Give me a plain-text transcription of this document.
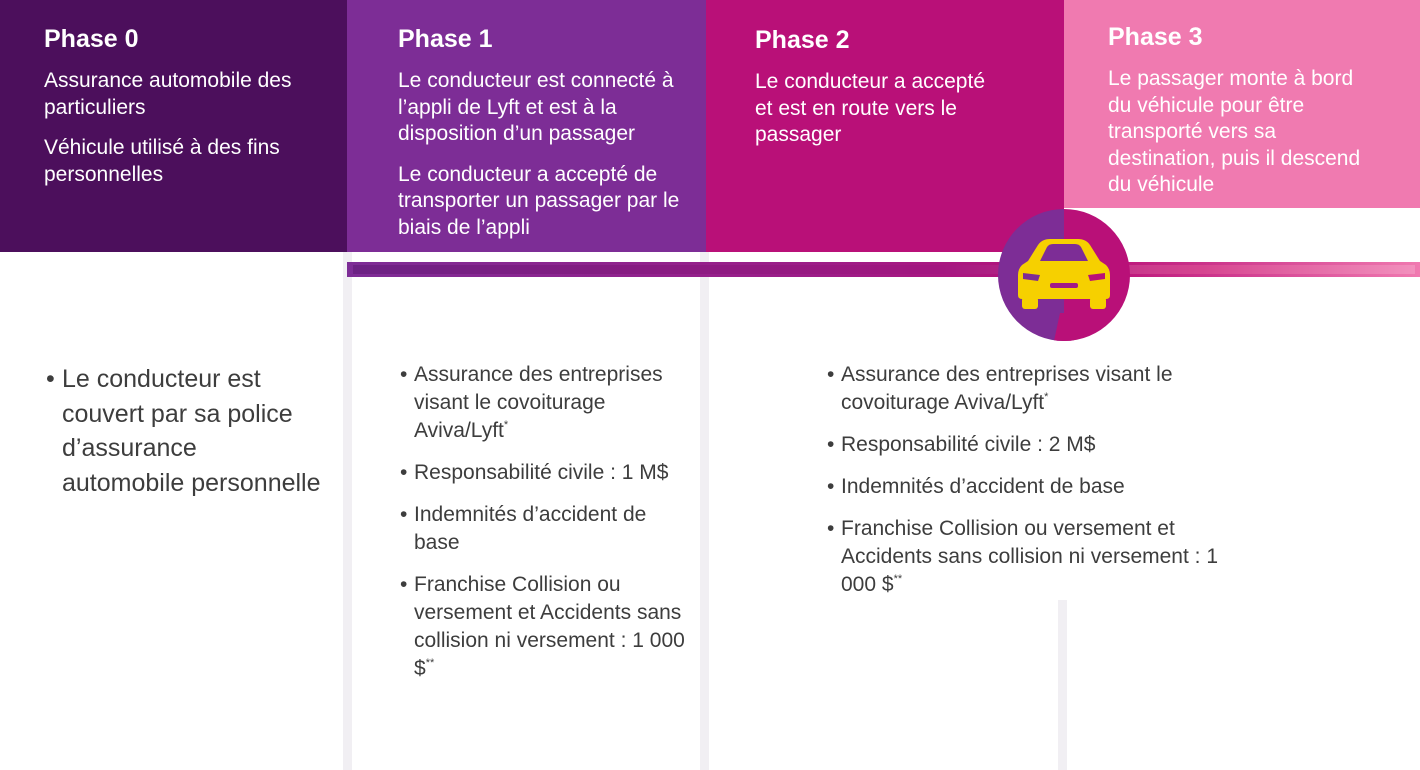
Phase 0

Assurance automobile des particuliers

Véhicule utilisé à des fins personnelles

Phase 1

Le conducteur est connecté à l’appli de Lyft et est à la disposition d’un passager

Le conducteur a accepté de transporter un passager par le biais de l’appli

Phase 2

Le conducteur a accepté et est en route vers le passager

Phase 3

Le passager monte à bord du véhicule pour être transporté vers sa destination, puis il descend du véhicule

• Le conducteur est couvert par sa police d’assurance automobile personnelle
• Assurance des entreprises visant le covoiturage Aviva/Lyft*
• Responsabilité civile : 1 M$
• Indemnités d’accident de base
• Franchise Collision ou versement et Accidents sans collision ni versement : 1 000 $**
• Assurance des entreprises visant le covoiturage Aviva/Lyft*
• Responsabilité civile : 2 M$
• Indemnités d’accident de base
• Franchise Collision ou versement et Accidents sans collision ni versement : 1 000 $**
